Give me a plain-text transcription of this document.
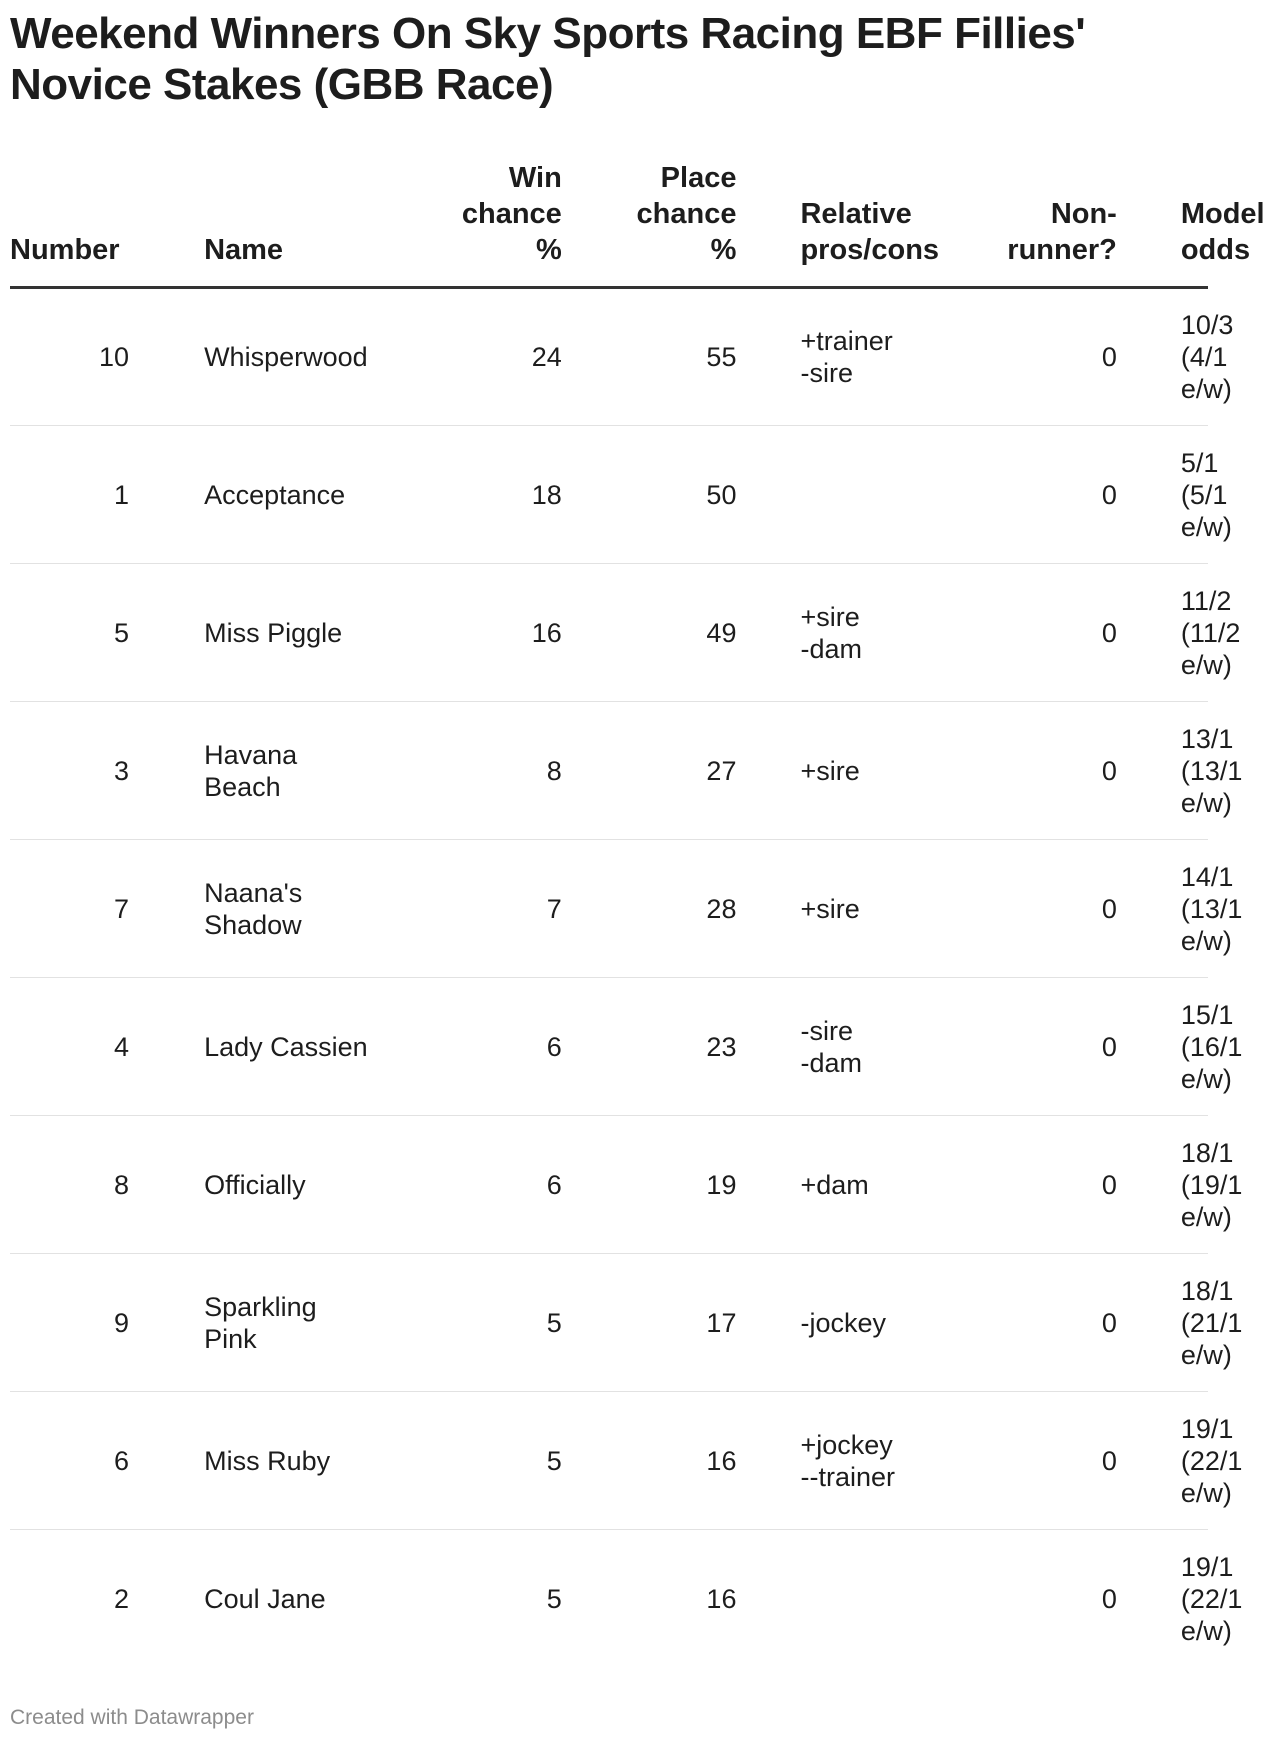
Weekend Winners On Sky Sports Racing EBF Fillies' Novice Stakes (GBB Race)
Number	Name	Win
chance
%	Place
chance
%	Relative
pros/cons	Non-
runner?	Model
odds
10	Whisperwood	24	55	+trainer
-sire	0	10/3
(4/1
e/w)
1	Acceptance	18	50		0	5/1
(5/1
e/w)
5	Miss Piggle	16	49	+sire
-dam	0	11/2
(11/2
e/w)
3	Havana
Beach	8	27	+sire	0	13/1
(13/1
e/w)
7	Naana's
Shadow	7	28	+sire	0	14/1
(13/1
e/w)
4	Lady Cassien	6	23	-sire
-dam	0	15/1
(16/1
e/w)
8	Officially	6	19	+dam	0	18/1
(19/1
e/w)
9	Sparkling
Pink	5	17	-jockey	0	18/1
(21/1
e/w)
6	Miss Ruby	5	16	+jockey
--trainer	0	19/1
(22/1
e/w)
2	Coul Jane	5	16		0	19/1
(22/1
e/w)
Created with Datawrapper
